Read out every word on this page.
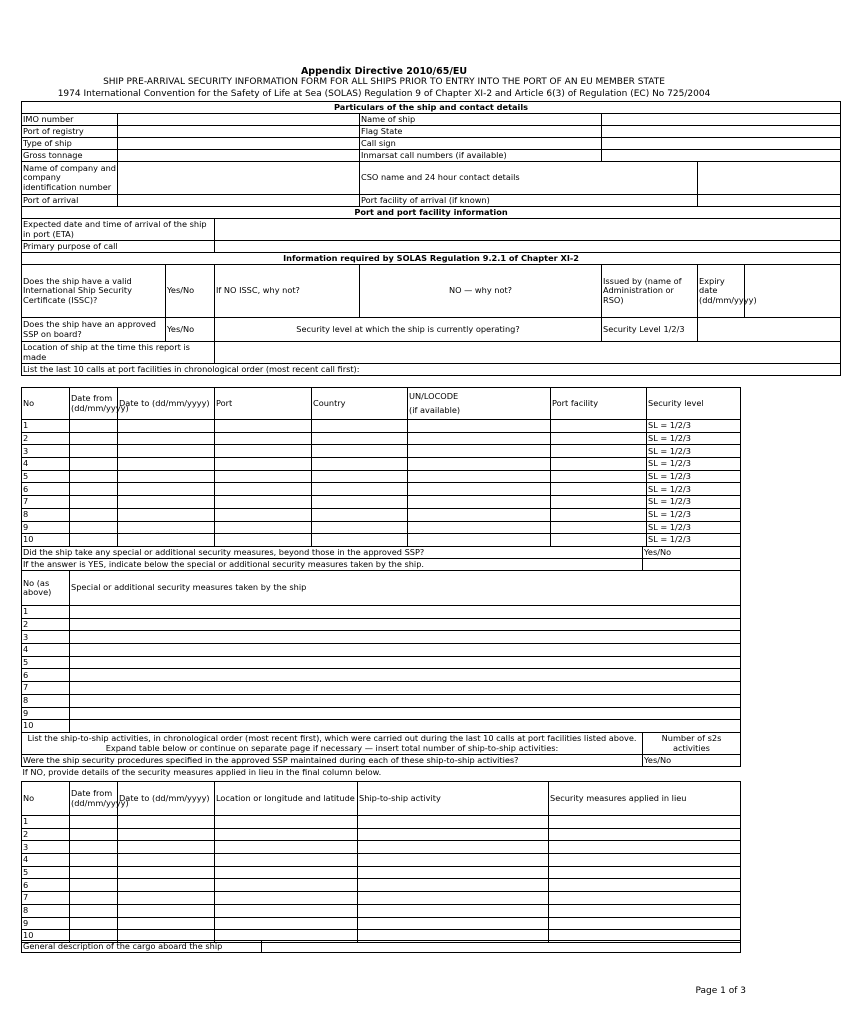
Appendix Directive 2010/65/EU
SHIP PRE-ARRIVAL SECURITY INFORMATION FORM FOR ALL SHIPS PRIOR TO ENTRY INTO THE PORT OF AN EU MEMBER STATE
1974 International Convention for the Safety of Life at Sea (SOLAS) Regulation 9 of Chapter XI-2 and Article 6(3) of Regulation (EC) No 725/2004
Particulars of the ship and contact details							
IMO number				Name of ship			
Port of registry				Flag State			
Type of ship				Call sign			
Gross tonnage				Inmarsat call numbers (if available)			
Name of company and company identification number				CSO name and 24 hour contact details			
Port of arrival				Port facility of arrival (if known)			
Port and port facility information							
Expected date and time of arrival of the ship in port (ETA)							
Primary purpose of call							
Information required by SOLAS Regulation 9.2.1 of Chapter XI-2							
Does the ship have a valid International Ship Security Certificate (ISSC)?		Yes/No	If NO ISSC, why not?	NO — why not?	Issued by (name of Administration or RSO)	Expiry date (dd/mm/yyyy)	
Does the ship have an approved SSP on board?		Yes/No	Security level at which the ship is currently operating?		Security Level 1/2/3		
Location of ship at the time this report is made							
List the last 10 calls at port facilities in chronological order (most recent call first):							
No	Date from (dd/mm/yyyy)	Date to (dd/mm/yyyy)	Port	Country	UN/LOCODE
(if available)	Port facility	Security level
1							SL = 1/2/3
2							SL = 1/2/3
3							SL = 1/2/3
4							SL = 1/2/3
5							SL = 1/2/3
6							SL = 1/2/3
7							SL = 1/2/3
8							SL = 1/2/3
9							SL = 1/2/3
10							SL = 1/2/3
Did the ship take any special or additional security measures, beyond those in the approved SSP?		Yes/No
If the answer is YES, indicate below the special or additional security measures taken by the ship.		
No (as above)	Special or additional security measures taken by the ship	
1		
2		
3		
4		
5		
6		
7		
8		
9		
10		
List the ship-to-ship activities, in chronological order (most recent first), which were carried out during the last 10 calls at port facilities listed above. Expand table below or continue on separate page if necessary — insert total number of ship-to-ship activities:	Number of s2s activities
Were the ship security procedures specified in the approved SSP maintained during each of these ship-to-ship activities?	Yes/No
If NO, provide details of the security measures applied in lieu in the final column below.	
No	Date from (dd/mm/yyyy)	Date to (dd/mm/yyyy)	Location or longitude and latitude	Ship-to-ship activity	Security measures applied in lieu
1					
2					
3					
4					
5					
6					
7					
8					
9					
10					
General description of the cargo aboard the ship	
Page 1 of 3
